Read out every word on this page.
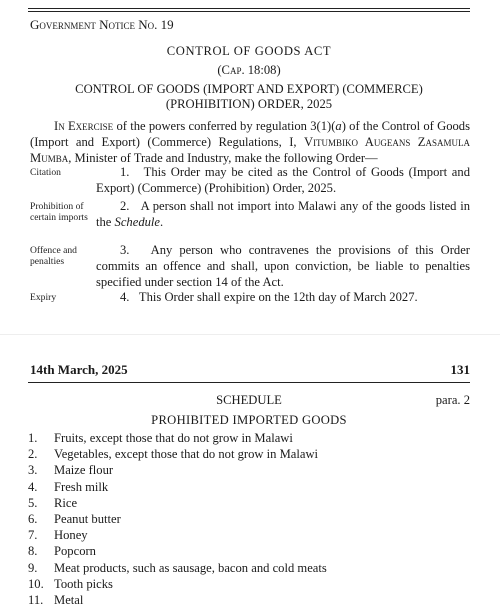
Government Notice No. 19
CONTROL OF GOODS ACT
(Cap. 18:08)
CONTROL OF GOODS (IMPORT AND EXPORT) (COMMERCE)
(PROHIBITION) ORDER, 2025
In Exercise of the powers conferred by regulation 3(1)(a) of the Control of Goods (Import and Export) (Commerce) Regulations, I, Vitumbiko Augeans Zasamula Mumba, Minister of Trade and Industry, make the following Order—
Citation	1. This Order may be cited as the Control of Goods (Import and Export) (Commerce) (Prohibition) Order, 2025.
Prohibition of certain imports
2. A person shall not import into Malawi any of the goods listed in the Schedule.
Offence and penalties
3. Any person who contravenes the provisions of this Order commits an offence and shall, upon conviction, be liable to penalties specified under section 14 of the Act.
Expiry	4. This Order shall expire on the 12th day of March 2027.
14th March, 2025	131
SCHEDULE	para. 2
PROHIBITED IMPORTED GOODS
1.	Fruits, except those that do not grow in Malawi
2.	Vegetables, except those that do not grow in Malawi
3.	Maize flour
4.	Fresh milk
5.	Rice
6.	Peanut butter
7.	Honey
8.	Popcorn
9.	Meat products, such as sausage, bacon and cold meats
10. Tooth picks
11. Metal
